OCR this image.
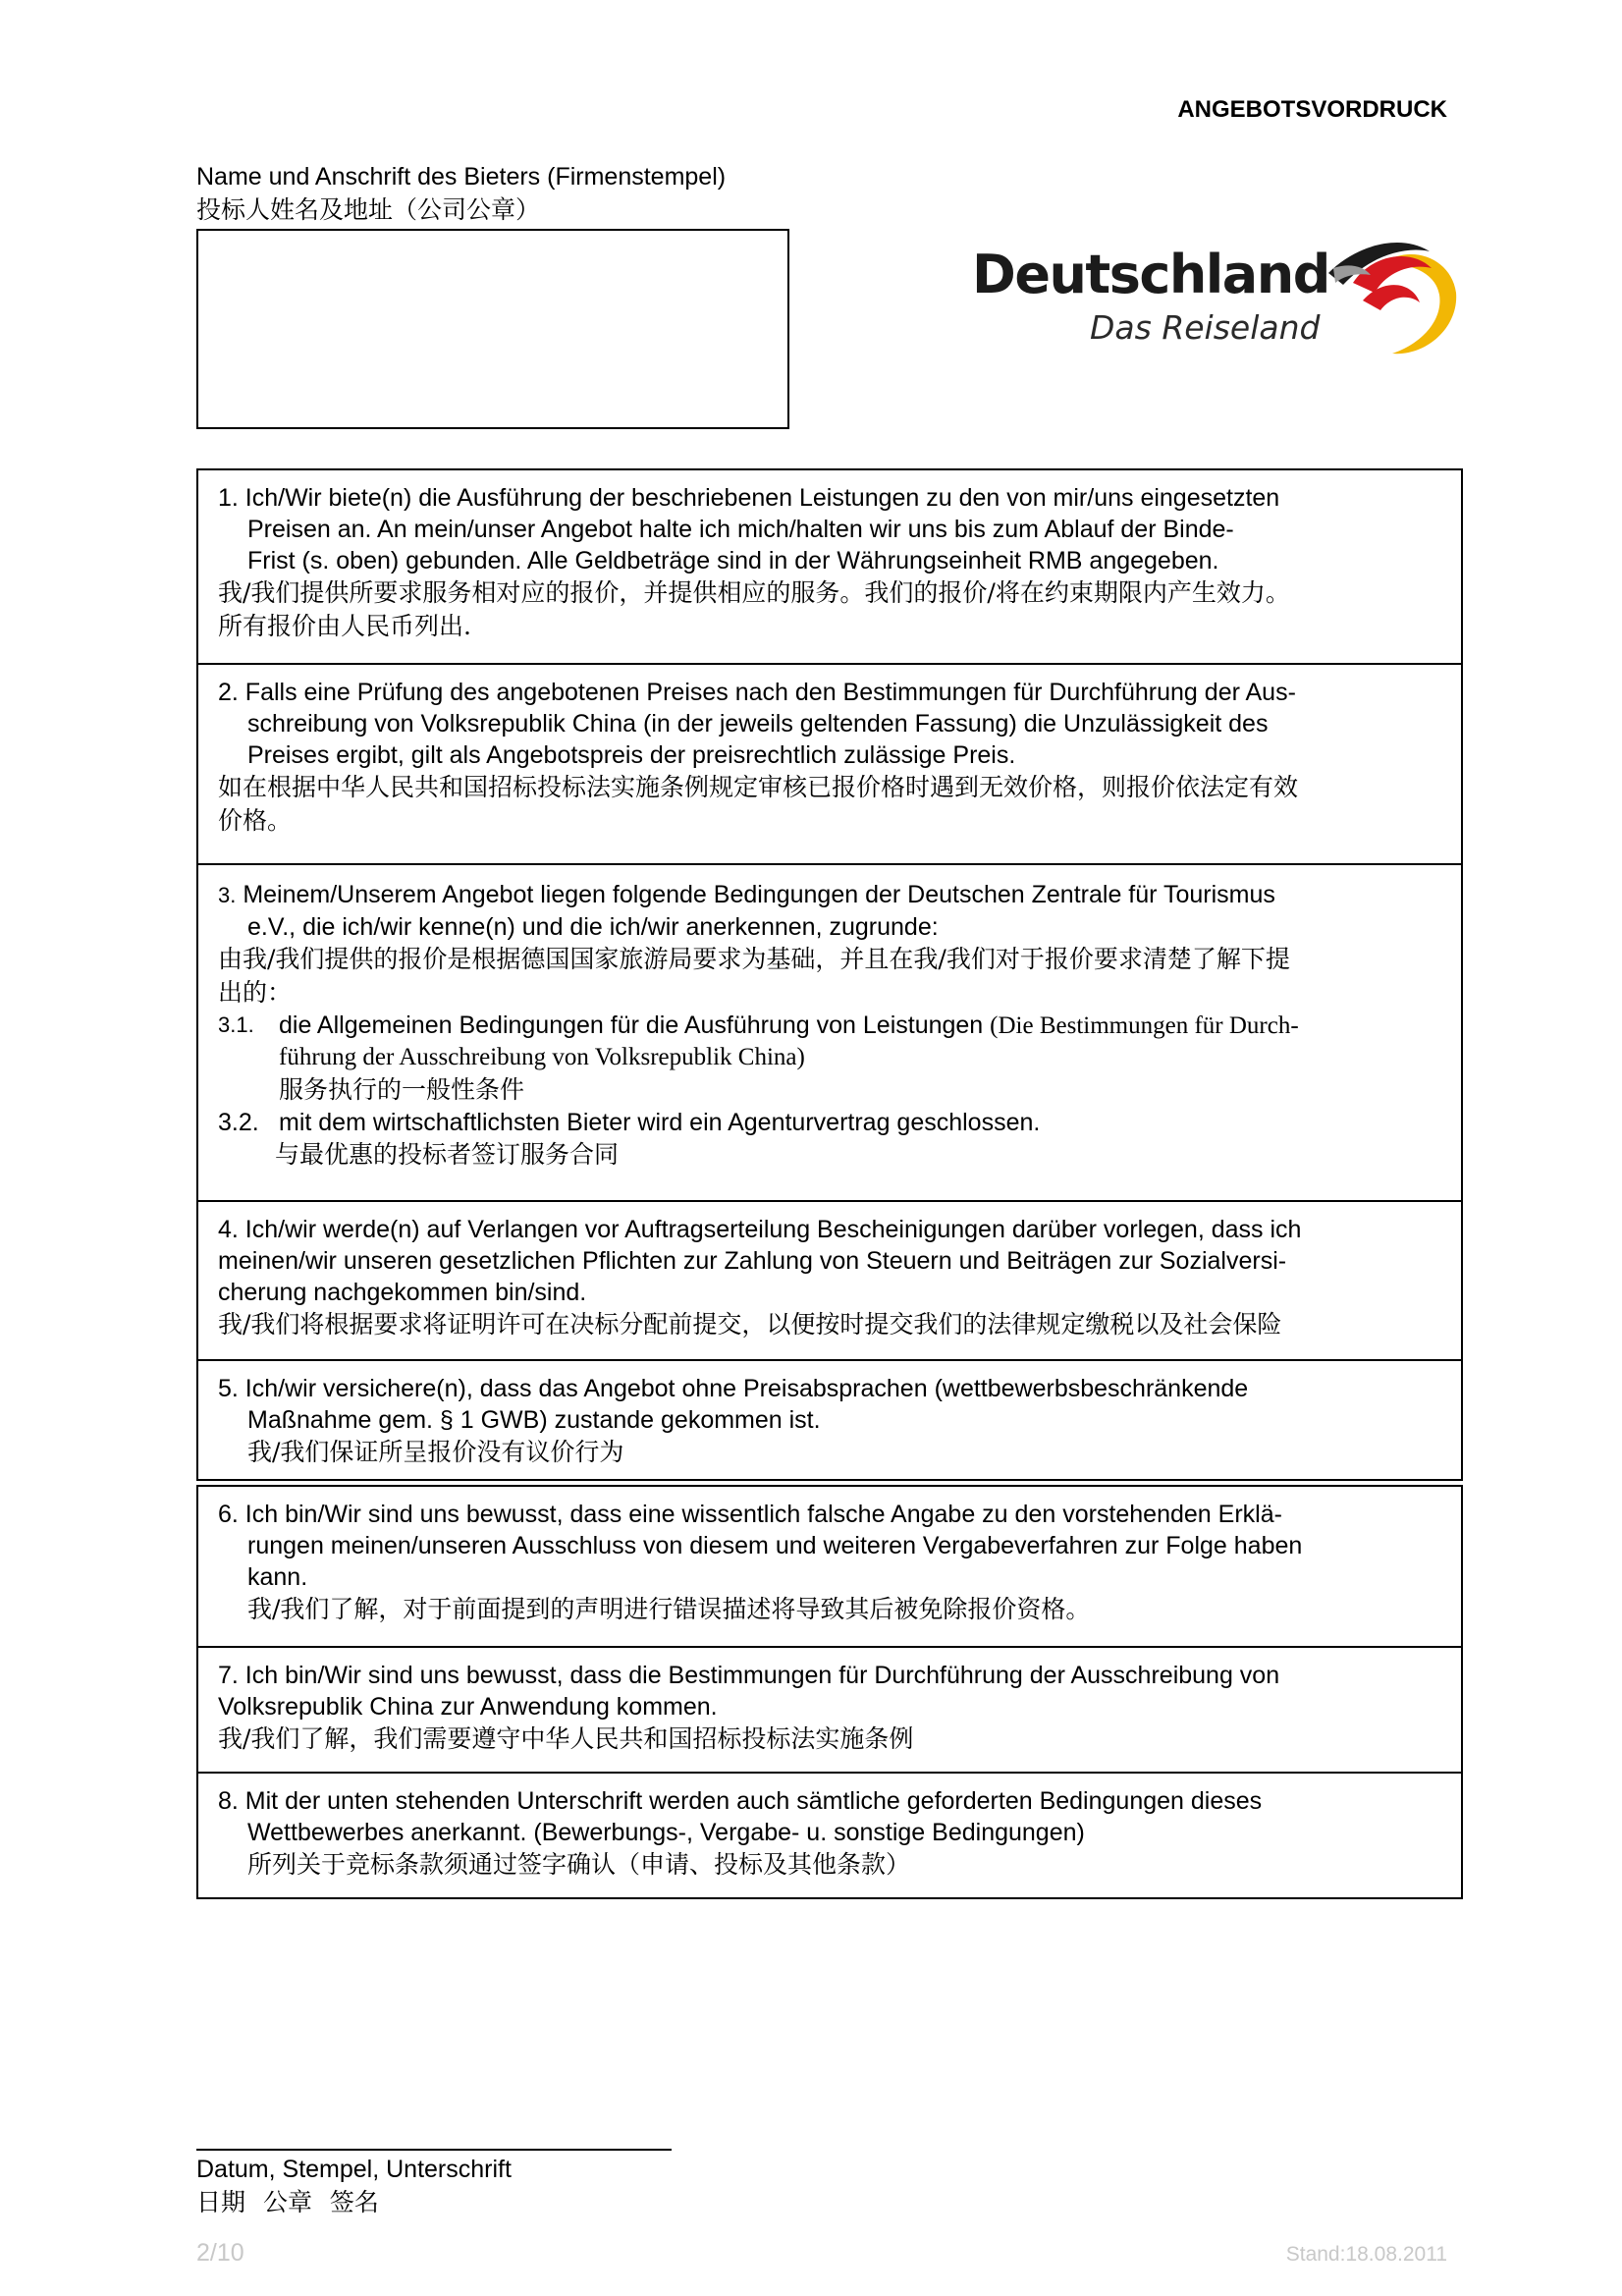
ANGEBOTSVORDRUCK
Name und Anschrift des Bieters (Firmenstempel)
投标人姓名及地址（公司公章）
Deutschland
Das Reiseland

1. Ich/Wir biete(n) die Ausführung der beschriebenen Leistungen zu den von mir/uns eingesetzten

Preisen an. An mein/unser Angebot halte ich mich/halten wir uns bis zum Ablauf der Binde-

Frist (s. oben) gebunden. Alle Geldbeträge sind in der Währungseinheit RMB angegeben.

我/我们提供所要求服务相对应的报价，并提供相应的服务。我们的报价/将在约束期限内产生效力。

所有报价由人民币列出.

2. Falls eine Prüfung des angebotenen Preises nach den Bestimmungen für Durchführung der Aus-

schreibung von Volksrepublik China (in der jeweils geltenden Fassung) die Unzulässigkeit des

Preises ergibt, gilt als Angebotspreis der preisrechtlich zulässige Preis.

如在根据中华人民共和国招标投标法实施条例规定审核已报价格时遇到无效价格，则报价依法定有效

价格。

3. Meinem/Unserem Angebot liegen folgende Bedingungen der Deutschen Zentrale für Tourismus

e.V., die ich/wir kenne(n) und die ich/wir anerkennen, zugrunde:

由我/我们提供的报价是根据德国国家旅游局要求为基础，并且在我/我们对于报价要求清楚了解下提

出的：

3.1.	die Allgemeinen Bedingungen für die Ausführung von Leistungen (Die Bestimmungen für Durch-
führung der Ausschreibung von Volksrepublik China)
服务执行的一般性条件
3.2. mit dem wirtschaftlichsten Bieter wird ein Agenturvertrag geschlossen.

与最优惠的投标者签订服务合同

4. Ich/wir werde(n) auf Verlangen vor Auftragserteilung Bescheinigungen darüber vorlegen, dass ich

meinen/wir unseren gesetzlichen Pflichten zur Zahlung von Steuern und Beiträgen zur Sozialversi-

cherung nachgekommen bin/sind.

我/我们将根据要求将证明许可在决标分配前提交，以便按时提交我们的法律规定缴税以及社会保险

5. Ich/wir versichere(n), dass das Angebot ohne Preisabsprachen (wettbewerbsbeschränkende

Maßnahme gem. § 1 GWB) zustande gekommen ist.

我/我们保证所呈报价没有议价行为

6. Ich bin/Wir sind uns bewusst, dass eine wissentlich falsche Angabe zu den vorstehenden Erklä-

rungen meinen/unseren Ausschluss von diesem und weiteren Vergabeverfahren zur Folge haben

kann.

我/我们了解，对于前面提到的声明进行错误描述将导致其后被免除报价资格。

7. Ich bin/Wir sind uns bewusst, dass die Bestimmungen für Durchführung der Ausschreibung von

Volksrepublik China zur Anwendung kommen.

我/我们了解，我们需要遵守中华人民共和国招标投标法实施条例

8. Mit der unten stehenden Unterschrift werden auch sämtliche geforderten Bedingungen dieses

Wettbewerbes anerkannt. (Bewerbungs-, Vergabe- u. sonstige Bedingungen)

所列关于竞标条款须通过签字确认（申请、投标及其他条款）

Datum, Stempel, Unterschrift
日期 公章 签名
2/10	Stand:18.08.2011
